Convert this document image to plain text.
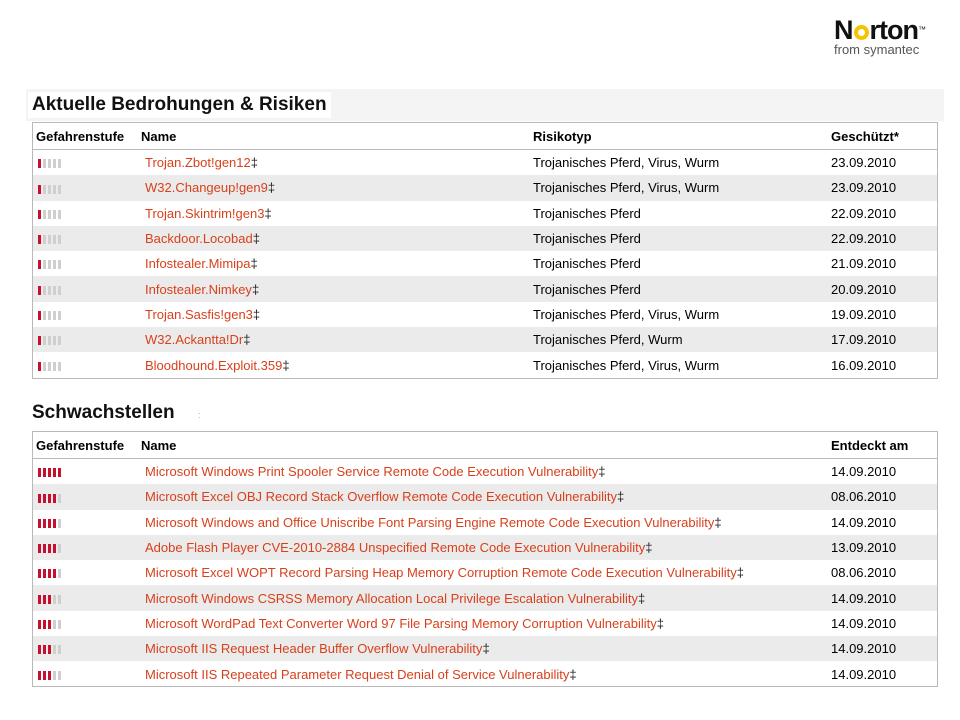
N rton™
from symantec
Aktuelle Bedrohungen & Risiken
Gefahrenstufe	Name	Risikotyp	Geschützt*

	Trojan.Zbot!gen12‡	Trojanisches Pferd, Virus, Wurm	23.09.2010

	W32.Changeup!gen9‡	Trojanisches Pferd, Virus, Wurm	23.09.2010

	Trojan.Skintrim!gen3‡	Trojanisches Pferd	22.09.2010

	Backdoor.Locobad‡	Trojanisches Pferd	22.09.2010

	Infostealer.Mimipa‡	Trojanisches Pferd	21.09.2010

	Infostealer.Nimkey‡	Trojanisches Pferd	20.09.2010

	Trojan.Sasfis!gen3‡	Trojanisches Pferd, Virus, Wurm	19.09.2010

	W32.Ackantta!Dr‡	Trojanisches Pferd, Wurm	17.09.2010

	Bloodhound.Exploit.359‡	Trojanisches Pferd, Virus, Wurm	16.09.2010
Schwachstellen	:
Gefahrenstufe	Name	Entdeckt am

	Microsoft Windows Print Spooler Service Remote Code Execution Vulnerability‡	14.09.2010

	Microsoft Excel OBJ Record Stack Overflow Remote Code Execution Vulnerability‡	08.06.2010

	Microsoft Windows and Office Uniscribe Font Parsing Engine Remote Code Execution Vulnerability‡	14.09.2010

	Adobe Flash Player CVE-2010-2884 Unspecified Remote Code Execution Vulnerability‡	13.09.2010

	Microsoft Excel WOPT Record Parsing Heap Memory Corruption Remote Code Execution Vulnerability‡	08.06.2010

	Microsoft Windows CSRSS Memory Allocation Local Privilege Escalation Vulnerability‡	14.09.2010

	Microsoft WordPad Text Converter Word 97 File Parsing Memory Corruption Vulnerability‡	14.09.2010

	Microsoft IIS Request Header Buffer Overflow Vulnerability‡	14.09.2010

	Microsoft IIS Repeated Parameter Request Denial of Service Vulnerability‡	14.09.2010
